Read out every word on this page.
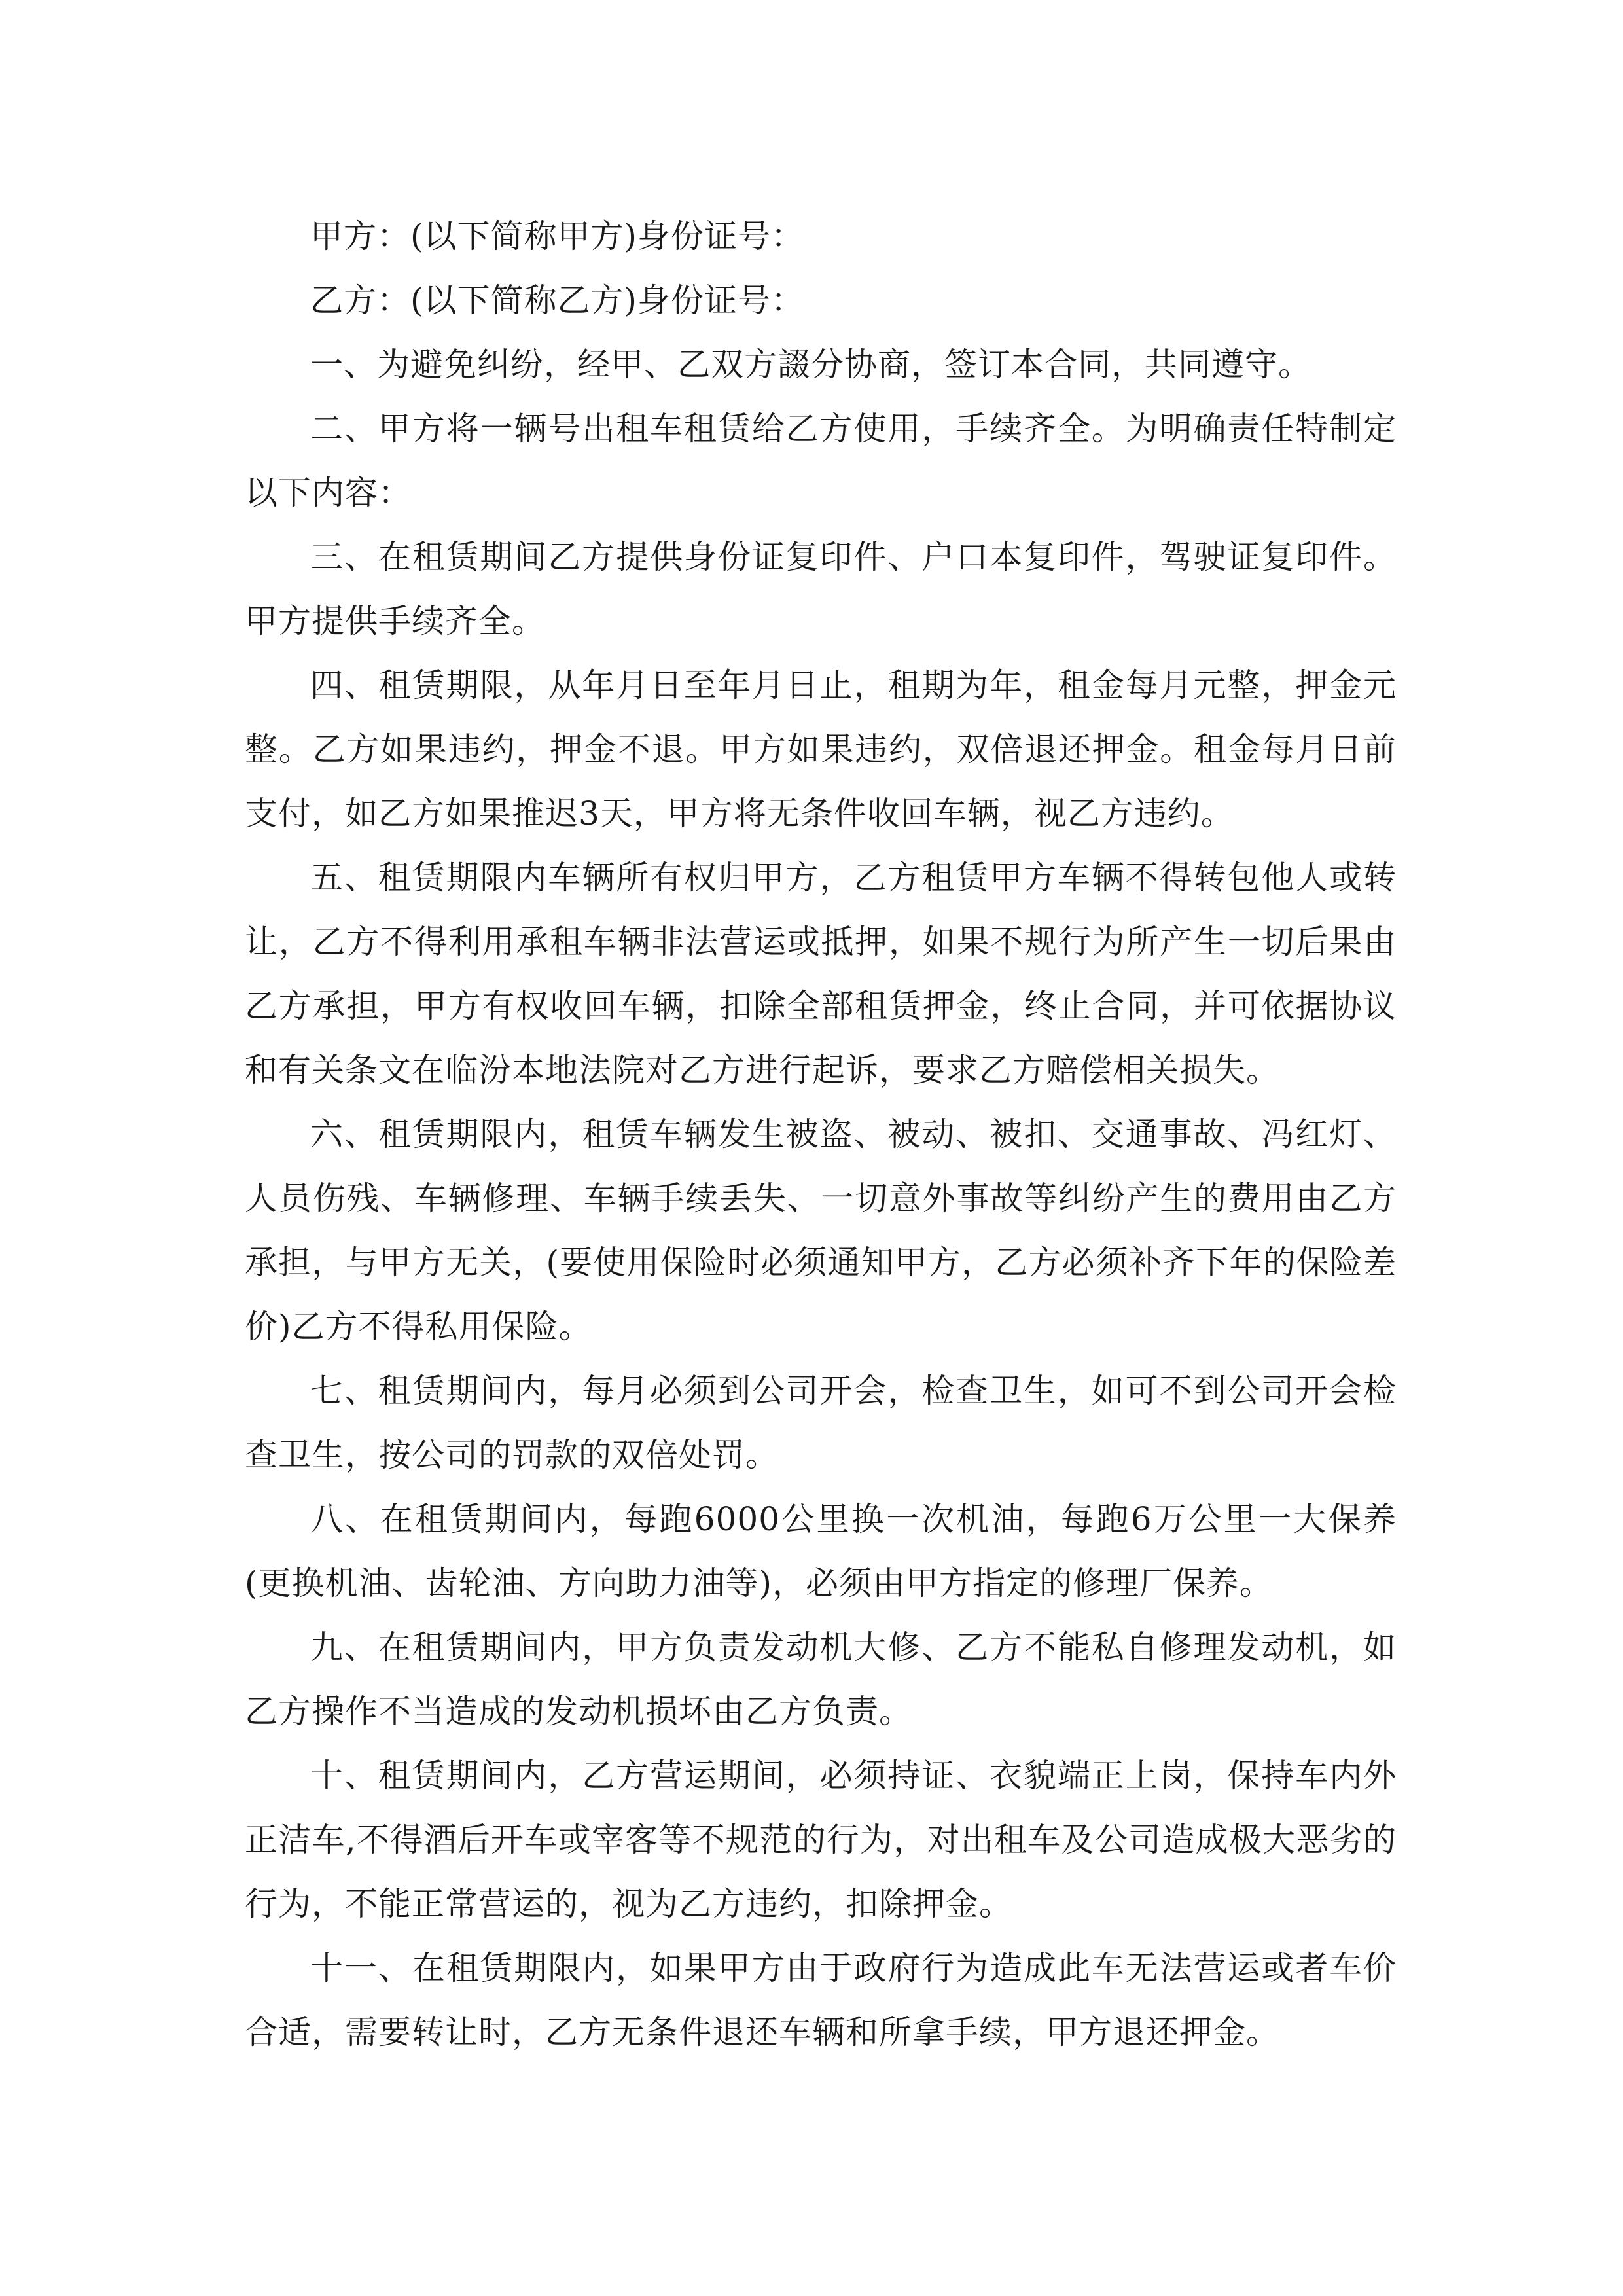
甲方：(以下简称甲方)身份证号：

乙方：(以下简称乙方)身份证号：

一、为避免纠纷，经甲、乙双方諁分协商，签订本合同，共同遵守。

二、甲方将一辆号出租车租赁给乙方使用，手续齐全。为明确责任特制定以下内容：

三、在租赁期间乙方提供身份证复印件、户口本复印件，驾驶证复印件。甲方提供手续齐全。

四、租赁期限，从年月日至年月日止，租期为年，租金每月元整，押金元整。乙方如果违约，押金不退。甲方如果违约，双倍退还押金。租金每月日前支付，如乙方如果推迟3天，甲方将无条件收回车辆，视乙方违约。

五、租赁期限内车辆所有权归甲方，乙方租赁甲方车辆不得转包他人或转让，乙方不得利用承租车辆非法营运或抵押，如果不规行为所产生一切后果由乙方承担，甲方有权收回车辆，扣除全部租赁押金，终止合同，并可依据协议和有关条文在临汾本地法院对乙方进行起诉，要求乙方赔偿相关损失。

六、租赁期限内，租赁车辆发生被盗、被动、被扣、交通事故、冯红灯、人员伤残、车辆修理、车辆手续丢失、一切意外事故等纠纷产生的费用由乙方承担，与甲方无关，(要使用保险时必须通知甲方，乙方必须补齐下年的保险差价)乙方不得私用保险。

七、租赁期间内，每月必须到公司开会，检查卫生，如可不到公司开会检查卫生，按公司的罚款的双倍处罚。

八、在租赁期间内，每跑6000公里换一次机油，每跑6万公里一大保养(更换机油、齿轮油、方向助力油等)，必须由甲方指定的修理厂保养。

九、在租赁期间内，甲方负责发动机大修、乙方不能私自修理发动机，如乙方操作不当造成的发动机损坏由乙方负责。

十、租赁期间内，乙方营运期间，必须持证、衣貌端正上岗，保持车内外正洁车,不得酒后开车或宰客等不规范的行为，对出租车及公司造成极大恶劣的行为，不能正常营运的，视为乙方违约，扣除押金。

十一、在租赁期限内，如果甲方由于政府行为造成此车无法营运或者车价合适，需要转让时，乙方无条件退还车辆和所拿手续，甲方退还押金。
